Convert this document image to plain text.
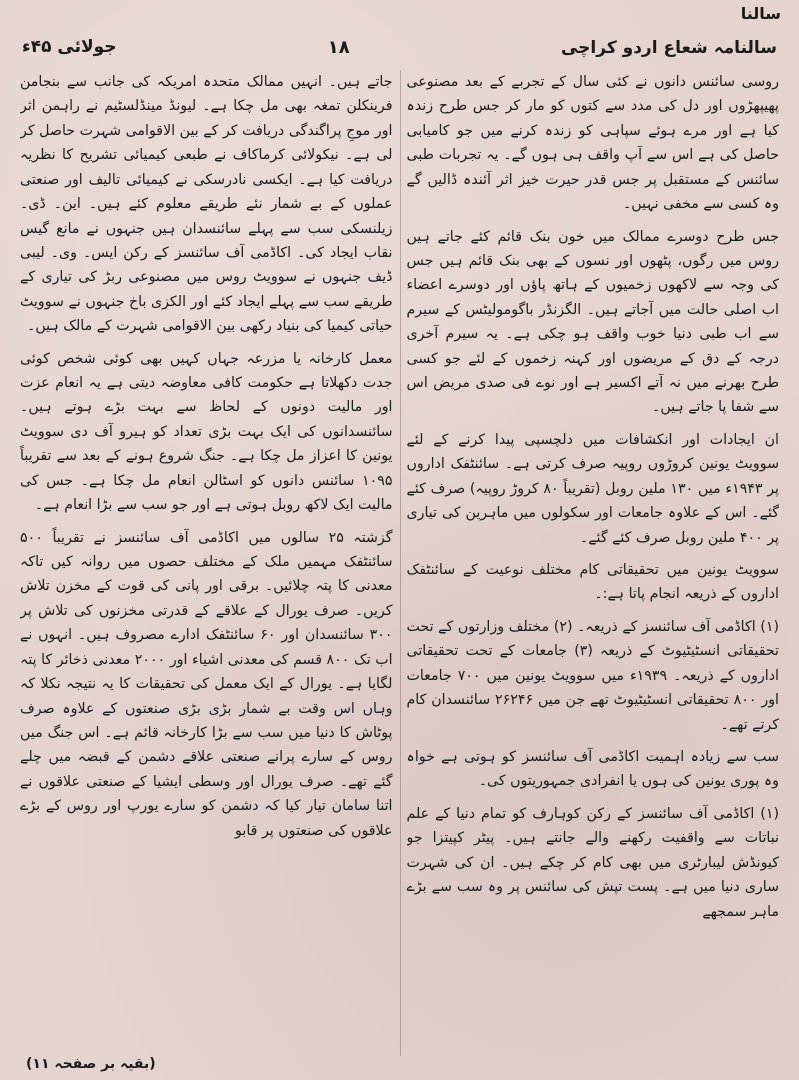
سالنا
سالنامہ شعاع اردو کراچی
۱۸
جولائی ۴۵ء

روسی سائنس دانوں نے کئی سال کے تجربے کے بعد مصنوعی پھیپھڑوں اور دل کی مدد سے کتوں کو مار کر جس طرح زندہ کیا ہے اور مرے ہوئے سپاہی کو زندہ کرنے میں جو کامیابی حاصل کی ہے اس سے آپ واقف ہی ہوں گے۔ یہ تجربات طبی سائنس کے مستقبل پر جس قدر حیرت خیز اثر آئندہ ڈالیں گے وہ کسی سے مخفی نہیں۔

جس طرح دوسرے ممالک میں خون بنک قائم کئے جاتے ہیں روس میں رگوں، پٹھوں اور نسوں کے بھی بنک قائم ہیں جس کی وجہ سے لاکھوں زخمیوں کے ہاتھ پاؤں اور دوسرے اعضاء اب اصلی حالت میں آجاتے ہیں۔ الگزنڈر باگومولیٹس کے سیرم سے اب طبی دنیا خوب واقف ہو چکی ہے۔ یہ سیرم آخری درجہ کے دق کے مریضوں اور کہنہ زخموں کے لئے جو کسی طرح بھرنے میں نہ آتے اکسیر ہے اور نوے فی صدی مریض اس سے شفا پا جاتے ہیں۔

ان ایجادات اور انکشافات میں دلچسپی پیدا کرنے کے لئے سوویٹ یونین کروڑوں روپیہ صرف کرتی ہے۔ سائنٹفک اداروں پر ۱۹۴۳ء میں ۱۳۰ ملین روبل (تقریباً ۸۰ کروڑ روپیہ) صرف کئے گئے۔ اس کے علاوہ جامعات اور سکولوں میں ماہرین کی تیاری پر ۴۰۰ ملین روبل صرف کئے گئے۔

سوویٹ یونین میں تحقیقاتی کام مختلف نوعیت کے سائنٹفک اداروں کے ذریعہ انجام پاتا ہے:۔

(۱) اکاڈمی آف سائنسز کے ذریعہ۔ (۲) مختلف وزارتوں کے تحت تحقیقاتی انسٹیٹیوٹ کے ذریعہ (۳) جامعات کے تحت تحقیقاتی اداروں کے ذریعہ۔ ۱۹۳۹ء میں سوویٹ یونین میں ۷۰۰ جامعات اور ۸۰۰ تحقیقاتی انسٹیٹیوٹ تھے جن میں ۲۶۲۴۶ سائنسدان کام کرتے تھے۔

سب سے زیادہ اہمیت اکاڈمی آف سائنسز کو ہوتی ہے خواہ وہ پوری یونین کی ہوں یا انفرادی جمہوریتوں کی۔

(۱) اکاڈمی آف سائنسز کے رکن کوہارف کو تمام دنیا کے علم نباتات سے واقفیت رکھنے والے جانتے ہیں۔ پیٹر کپیتزا جو کیونڈش لیبارٹری میں بھی کام کر چکے ہیں۔ ان کی شہرت ساری دنیا میں ہے۔ پست تپش کی سائنس پر وہ سب سے بڑے ماہر سمجھے

جاتے ہیں۔ انہیں ممالک متحدہ امریکہ کی جانب سے بنجامن فرینکلن تمغہ بھی مل چکا ہے۔ لیونڈ مینڈلسٹیم نے راہمن اثر اور موجِ پراگندگی دریافت کر کے بین الاقوامی شہرت حاصل کر لی ہے۔ نیکولائی کرماکاف نے طبعی کیمیائی تشریح کا نظریہ دریافت کیا ہے۔ ایکسی نادرسکی نے کیمیائی تالیف اور صنعتی عملوں کے بے شمار نئے طریقے معلوم کئے ہیں۔ این۔ ڈی۔ زیلنسکی سب سے پہلے سائنسدان ہیں جنہوں نے مانع گیس نقاب ایجاد کی۔ اکاڈمی آف سائنسز کے رکن ایس۔ وی۔ لیبی ڈیف جنہوں نے سوویٹ روس میں مصنوعی ربڑ کی تیاری کے طریقے سب سے پہلے ایجاد کئے اور الکزی باخ جنہوں نے سوویٹ حیاتی کیمیا کی بنیاد رکھی بین الاقوامی شہرت کے مالک ہیں۔

معمل کارخانہ یا مزرعہ جہاں کہیں بھی کوئی شخص کوئی جدت دکھلاتا ہے حکومت کافی معاوضہ دیتی ہے یہ انعام عزت اور مالیت دونوں کے لحاظ سے بہت بڑے ہوتے ہیں۔ سائنسدانوں کی ایک بہت بڑی تعداد کو ہیرو آف دی سوویٹ یونین کا اعزاز مل چکا ہے۔ جنگ شروع ہونے کے بعد سے تقریباً ۱۰۹۵ سائنس دانوں کو اسٹالن انعام مل چکا ہے۔ جس کی مالیت ایک لاکھ روبل ہوتی ہے اور جو سب سے بڑا انعام ہے۔

گزشتہ ۲۵ سالوں میں اکاڈمی آف سائنسز نے تقریباً ۵۰۰ سائنٹفک مہمیں ملک کے مختلف حصوں میں روانہ کیں تاکہ معدنی کا پتہ چلائیں۔ برقی اور پانی کی قوت کے مخزن تلاش کریں۔ صرف یورال کے علاقے کے قدرتی مخزنوں کی تلاش پر ۳۰۰ سائنسدان اور ۶۰ سائنٹفک ادارے مصروف ہیں۔ انہوں نے اب تک ۸۰۰ قسم کی معدنی اشیاء اور ۲۰۰۰ معدنی ذخائر کا پتہ لگایا ہے۔ یورال کے ایک معمل کی تحقیقات کا یہ نتیجہ نکلا کہ وہاں اس وقت بے شمار بڑی بڑی صنعتوں کے علاوہ صرف پوٹاش کا دنیا میں سب سے بڑا کارخانہ قائم ہے۔ اس جنگ میں روس کے سارے پرانے صنعتی علاقے دشمن کے قبضہ میں چلے گئے تھے۔ صرف یورال اور وسطی ایشیا کے صنعتی علاقوں نے اتنا سامان تیار کیا کہ دشمن کو سارے یورپ اور روس کے بڑے علاقوں کی صنعتوں پر قابو

(بقیہ بر صفحہ ۱۱)
